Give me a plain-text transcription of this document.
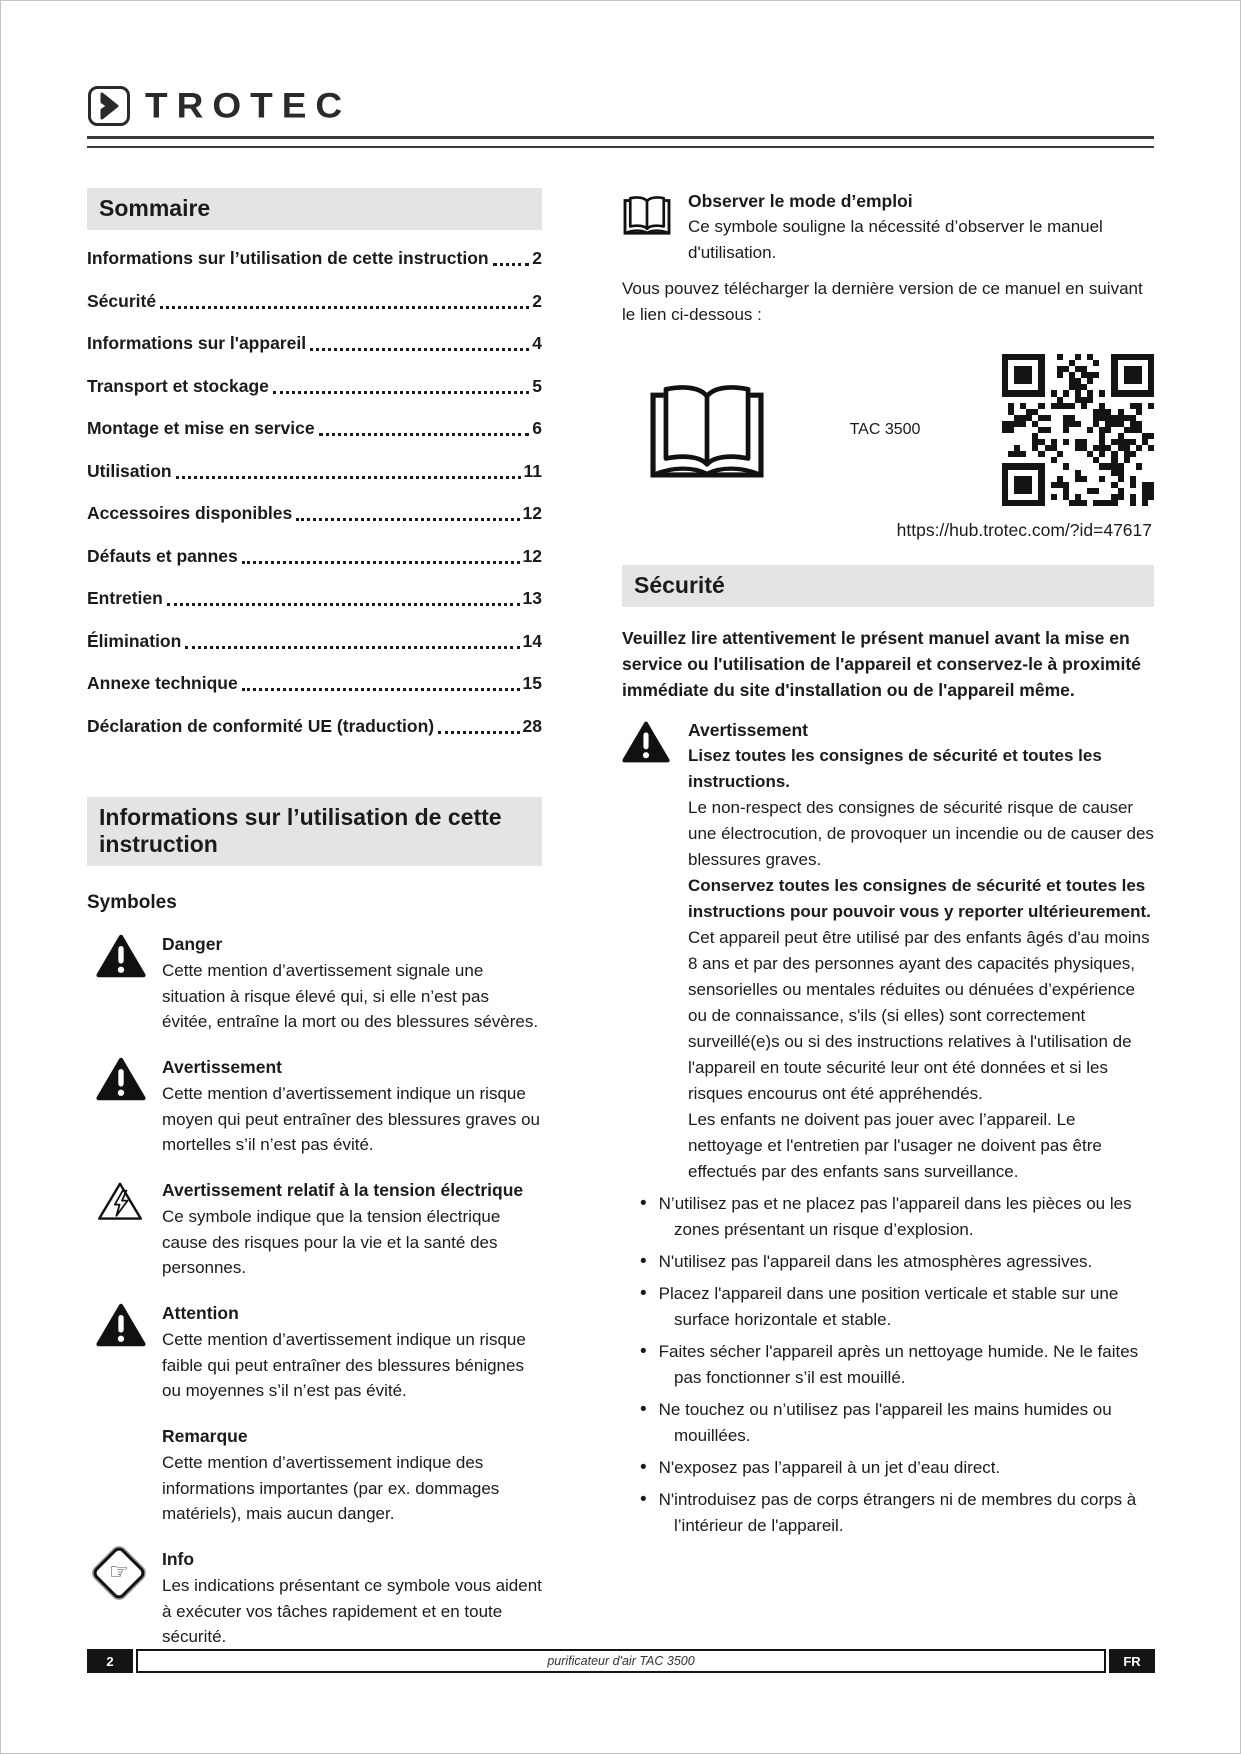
TROTEC
Sommaire
Informations sur l’utilisation de cette instruction 2
Sécurité	2
Informations sur l'appareil	4
Transport et stockage	5
Montage et mise en service	6
Utilisation	11
Accessoires disponibles	12
Défauts et pannes	12
Entretien	13
Élimination	14
Annexe technique	15
Déclaration de conformité UE (traduction)	28
Informations sur l’utilisation de cette instruction
Symboles
Danger
Cette mention d’avertissement signale une situation à risque élevé qui, si elle n’est pas évitée, entraîne la mort ou des blessures sévères.
Avertissement
Cette mention d’avertissement indique un risque moyen qui peut entraîner des blessures graves ou mortelles s’il n’est pas évité.
Avertissement relatif à la tension électrique
Ce symbole indique que la tension électrique cause des risques pour la vie et la santé des personnes.
Attention
Cette mention d’avertissement indique un risque faible qui peut entraîner des blessures bénignes ou moyennes s’il n’est pas évité.
Remarque
Cette mention d’avertissement indique des informations importantes (par ex. dommages matériels), mais aucun danger.
☞
Info
Les indications présentant ce symbole vous aident à exécuter vos tâches rapidement et en toute sécurité.
Observer le mode d’emploi
Ce symbole souligne la nécessité d’observer le manuel d'utilisation.

Vous pouvez télécharger la dernière version de ce manuel en suivant le lien ci-dessous :

TAC 3500
https://hub.trotec.com/?id=47617
Sécurité

Veuillez lire attentivement le présent manuel avant la mise en service ou l'utilisation de l'appareil et conservez-le à proximité immédiate du site d'installation ou de l'appareil même.

Avertissement

Lisez toutes les consignes de sécurité et toutes les instructions.

Le non-respect des consignes de sécurité risque de causer une électrocution, de provoquer un incendie ou de causer des blessures graves.

Conservez toutes les consignes de sécurité et toutes les instructions pour pouvoir vous y reporter ultérieurement.

Cet appareil peut être utilisé par des enfants âgés d'au moins 8 ans et par des personnes ayant des capacités physiques, sensorielles ou mentales réduites ou dénuées d’expérience ou de connaissance, s'ils (si elles) sont correctement surveillé(e)s ou si des instructions relatives à l'utilisation de l'appareil en toute sécurité leur ont été données et si les risques encourus ont été appréhendés.

Les enfants ne doivent pas jouer avec l’appareil. Le nettoyage et l'entretien par l'usager ne doivent pas être effectués par des enfants sans surveillance.

• N’utilisez pas et ne placez pas l'appareil dans les pièces ou les zones présentant un risque d’explosion.
• N'utilisez pas l'appareil dans les atmosphères agressives.
• Placez l'appareil dans une position verticale et stable sur une surface horizontale et stable.
• Faites sécher l'appareil après un nettoyage humide. Ne le faites pas fonctionner s’il est mouillé.
• Ne touchez ou n’utilisez pas l'appareil les mains humides ou mouillées.
• N'exposez pas l’appareil à un jet d’eau direct.
• N'introduisez pas de corps étrangers ni de membres du corps à l’intérieur de l'appareil.
2	purificateur d'air TAC 3500	FR
